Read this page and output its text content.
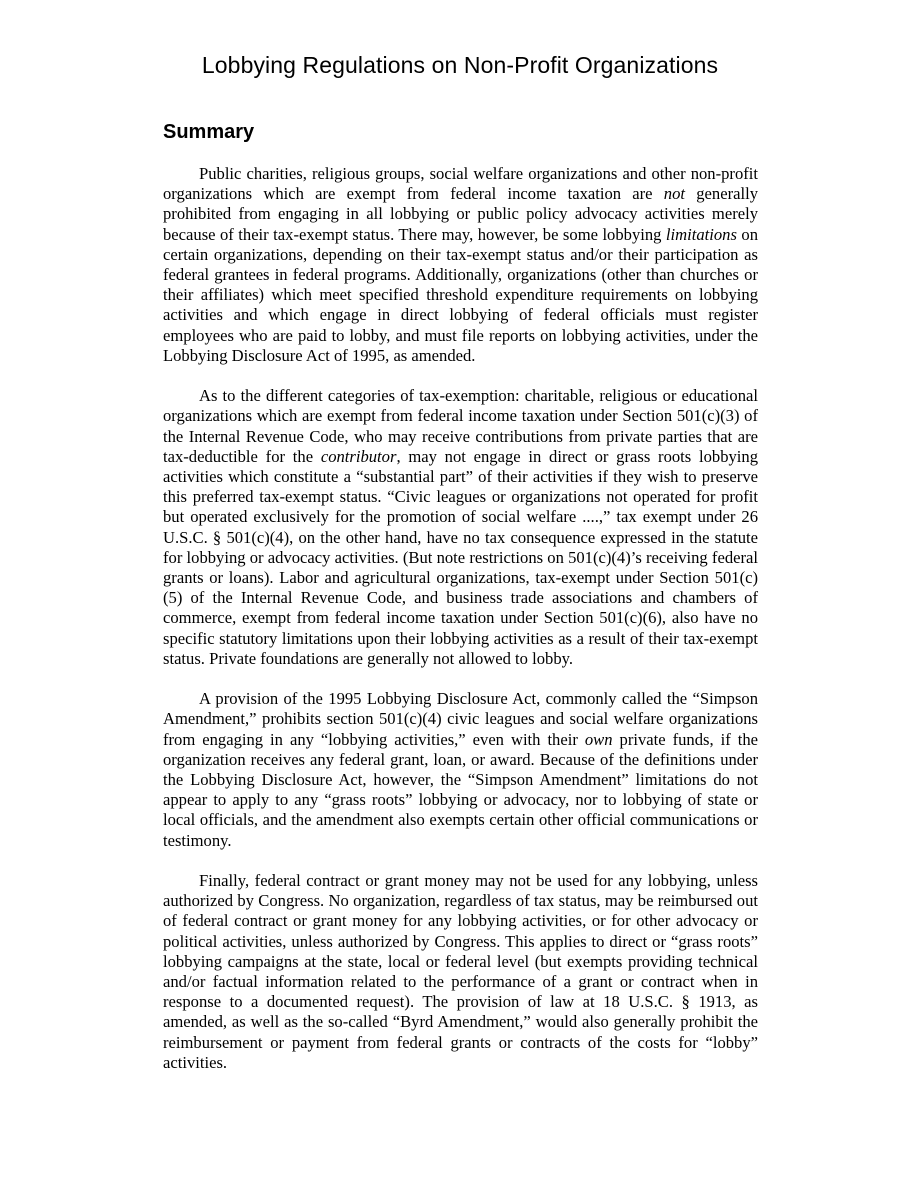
Lobbying Regulations on Non-Profit Organizations
Summary

Public charities, religious groups, social welfare organizations and other non-profit organizations which are exempt from federal income taxation are not generally prohibited from engaging in all lobbying or public policy advocacy activities merely because of their tax-exempt status. There may, however, be some lobbying limitations on certain organizations, depending on their tax-exempt status and/or their participation as federal grantees in federal programs. Additionally, organizations (other than churches or their affiliates) which meet specified threshold expenditure requirements on lobbying activities and which engage in direct lobbying of federal officials must register employees who are paid to lobby, and must file reports on lobbying activities, under the Lobbying Disclosure Act of 1995, as amended.

As to the different categories of tax-exemption: charitable, religious or educational organizations which are exempt from federal income taxation under Section 501(c)(3) of the Internal Revenue Code, who may receive contributions from private parties that are tax-deductible for the contributor, may not engage in direct or grass roots lobbying activities which constitute a “substantial part” of their activities if they wish to preserve this preferred tax-exempt status. “Civic leagues or organizations not operated for profit but operated exclusively for the promotion of social welfare ....,” tax exempt under 26 U.S.C. § 501(c)(4), on the other hand, have no tax consequence expressed in the statute for lobbying or advocacy activities. (But note restrictions on 501(c)(4)’s receiving federal grants or loans). Labor and agricultural organizations, tax-exempt under Section 501(c)(5) of the Internal Revenue Code, and business trade associations and chambers of commerce, exempt from federal income taxation under Section 501(c)(6), also have no specific statutory limitations upon their lobbying activities as a result of their tax-exempt status. Private foundations are generally not allowed to lobby.

A provision of the 1995 Lobbying Disclosure Act, commonly called the “Simpson Amendment,” prohibits section 501(c)(4) civic leagues and social welfare organizations from engaging in any “lobbying activities,” even with their own private funds, if the organization receives any federal grant, loan, or award. Because of the definitions under the Lobbying Disclosure Act, however, the “Simpson Amendment” limitations do not appear to apply to any “grass roots” lobbying or advocacy, nor to lobbying of state or local officials, and the amendment also exempts certain other official communications or testimony.

Finally, federal contract or grant money may not be used for any lobbying, unless authorized by Congress. No organization, regardless of tax status, may be reimbursed out of federal contract or grant money for any lobbying activities, or for other advocacy or political activities, unless authorized by Congress. This applies to direct or “grass roots” lobbying campaigns at the state, local or federal level (but exempts providing technical and/or factual information related to the performance of a grant or contract when in response to a documented request). The provision of law at 18 U.S.C. § 1913, as amended, as well as the so-called “Byrd Amendment,” would also generally prohibit the reimbursement or payment from federal grants or contracts of the costs for “lobby” activities.
